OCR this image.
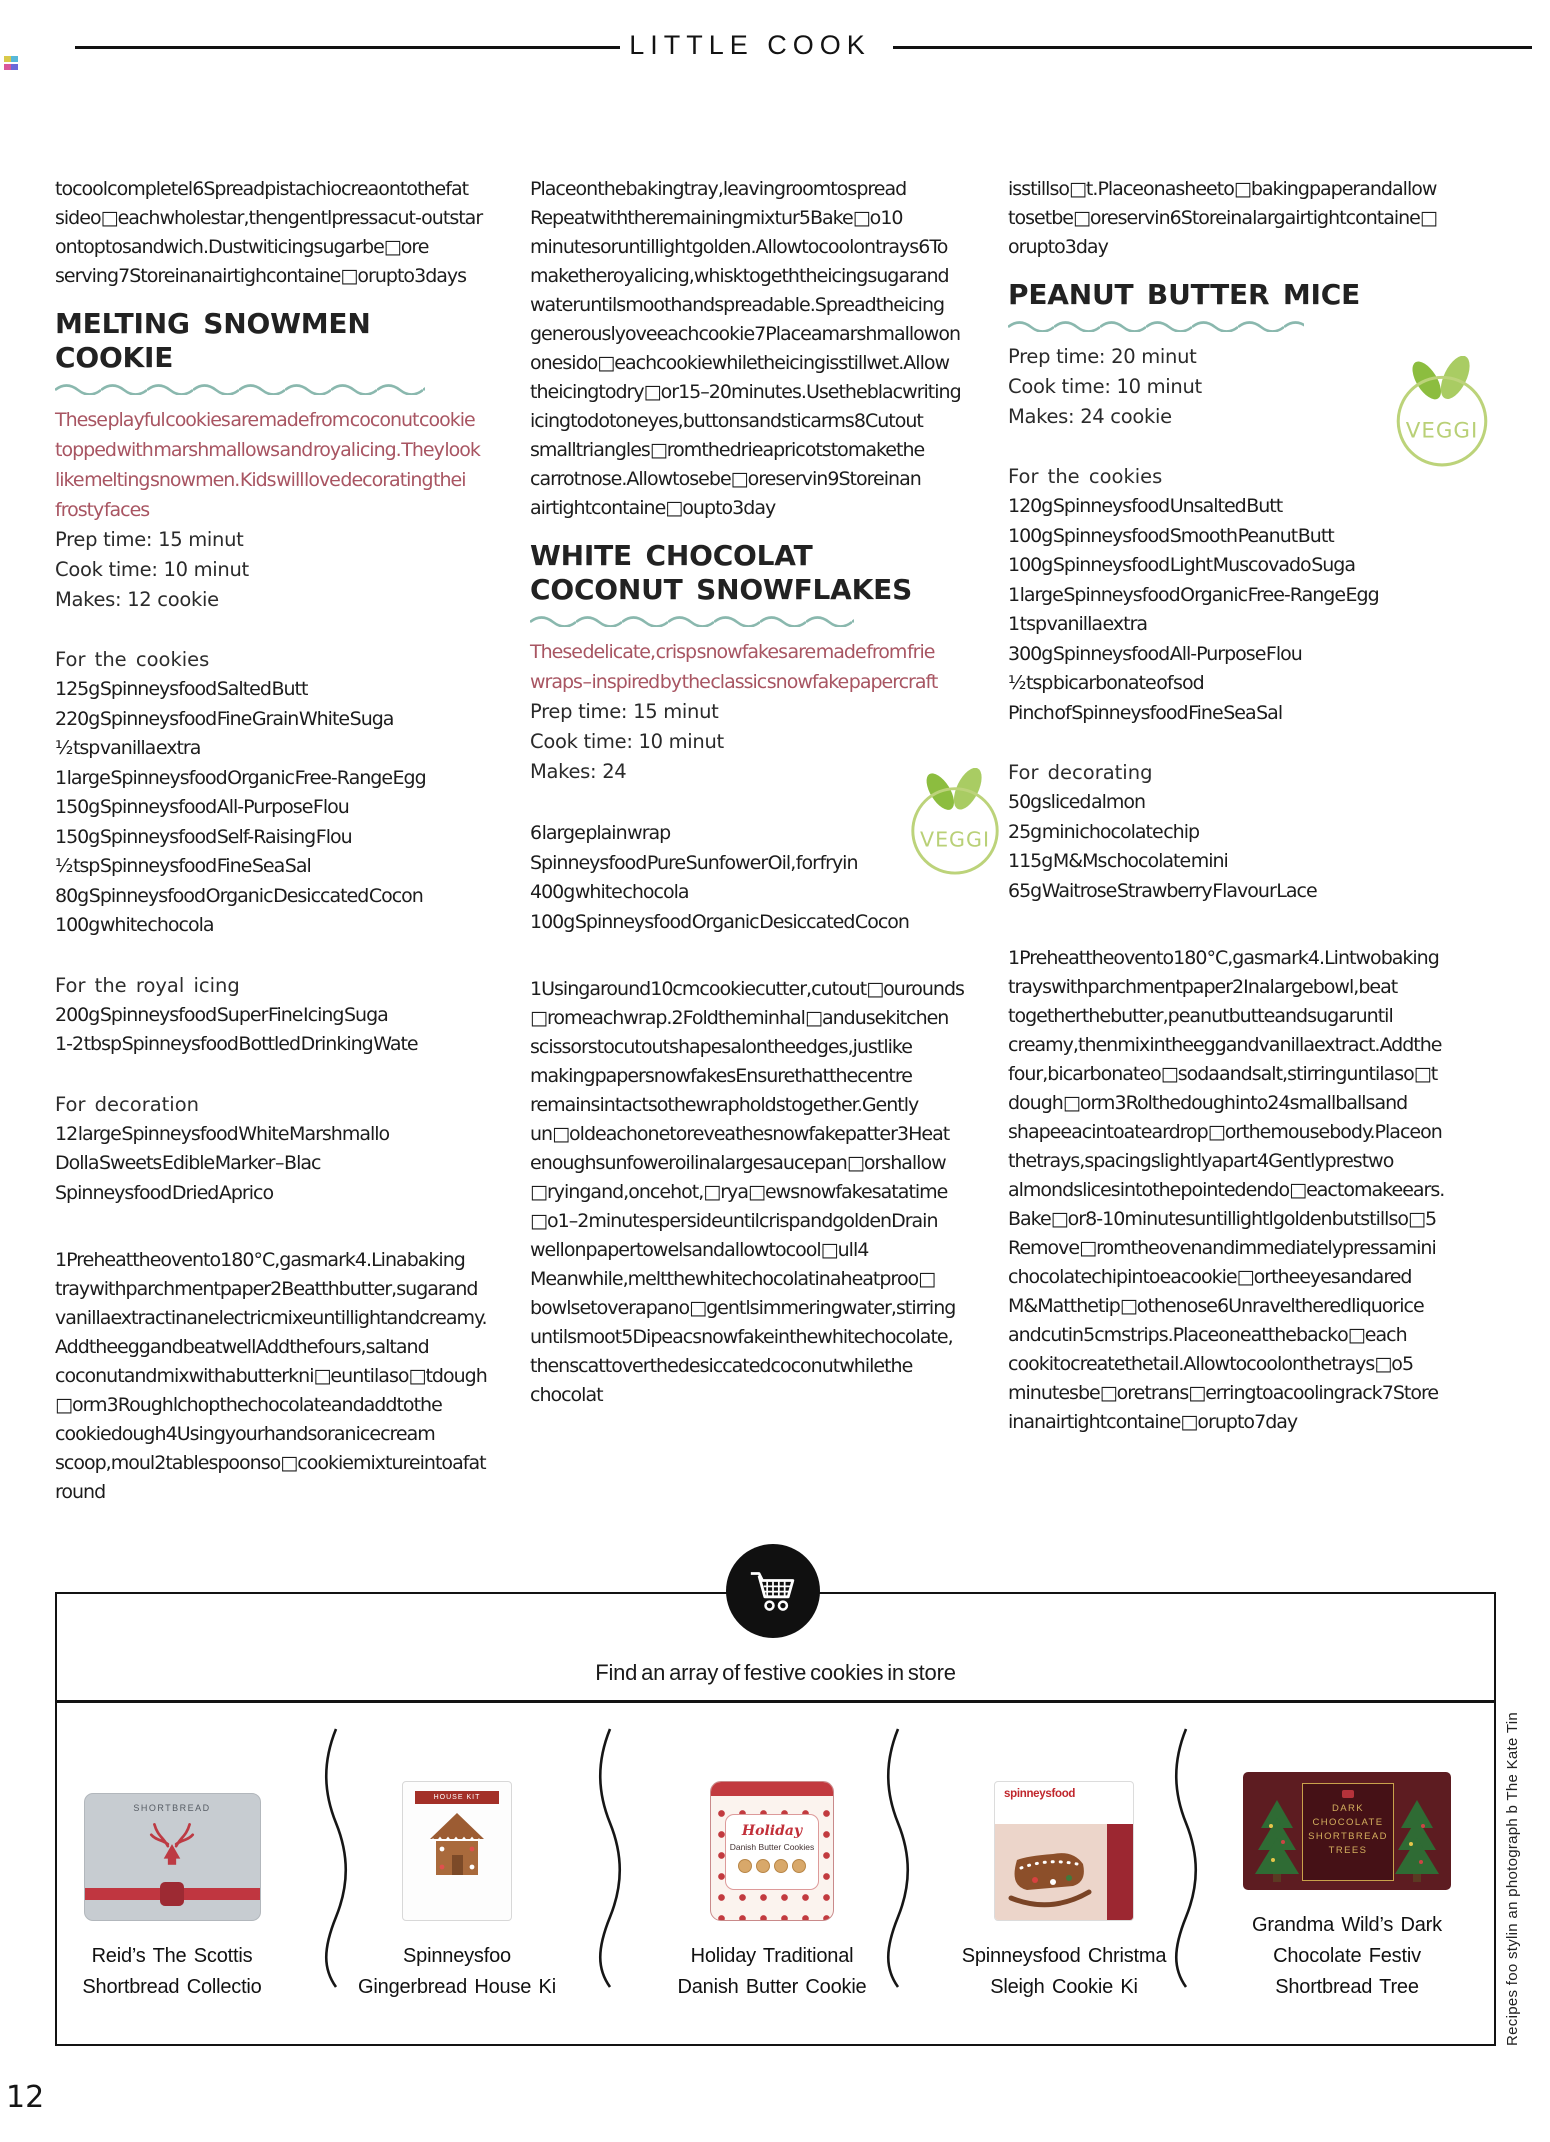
LITTLE COOK

to cool completel 6 Spread pistachio crea onto the f at side o□ each whole star, then gentl press a cut-out star on top to sandwich. Dust wit icing sugar be□ore serving 7 Store in an airtigh containe□ or up to 3 days

MELTING SNOWMEN COOKIE

These playful cookies are made from coconut cookie topped with marshmallows and royal icing. They look like melting snowmen. Kids will love decorating thei frosty faces

Prep time: 15 minut
Cook time: 10 minut
Makes: 12 cookie
For the cookies
125g Spinneysfood Salted Butt
220g Spinneysfood Fine Grain White Suga
½ tsp vanilla extra
1 large Spinneysfood Organic Free-Range Egg
150g Spinneysfood All-Purpose Flou
150g Spinneysfood Self-Raising Flou
½ tsp Spinneysfood Fine Sea Sal
80g Spinneysfood Organic Desiccated Cocon
100g white chocola
For the royal icing
200g Spinneysfood Super Fine Icing Suga
1-2 tbsp Spinneysfood Bottled Drinking Wate
For decoration
12 large Spinneysfood White Marshmallo
Dolla Sweets Edible Marker – Blac
Spinneysfood Dried Aprico

1 Preheat the oven to 180°C, gas mark 4. Lin a baking tray with parchment paper 2 Beat th butter, sugar and vanilla extract in an electric mixe until light and creamy. Add the egg and beat well Add the fours, salt and coconut and mix with a butter kni□e until a so□t dough □orm 3 Roughl chop the chocolate and add to the cookie dough 4 Using your hands or an ice cream scoop, moul 2 tablespoons o□ cookie mixture into a f at round

Place on the baking tray, leaving room to spread Repeat with the remaining mixtur 5 Bake □o 10 minutes or until light golden. Allow to cool on trays 6 To make the royal icing, whisk togeth the icing sugar and water until smooth and spreadable. Spread the icing generously ove each cookie 7 Place a marshmallow on one sid o□ each cookie while the icing is still wet. Allow the icing to dry □or 15–20 minutes. Use the blac writing icing to dot on eyes, buttons and stic arms 8 Cut out small triangles □rom the drie apricots to make the carrot nose. Allow to se be□ore servin 9 Store in an airtight containe □o up to 3 day

WHITE CHOCOLAT
COCONUT SNOWFLAKES

These delicate, crisp snowfakes are made from frie wraps – inspired by the classic snowfake papercraft

Prep time: 15 minut
Cook time: 10 minut
Makes: 24
6 large plain wrap
Spinneysfood Pure Sunfower Oil, for fryin
400g white chocola
100g Spinneysfood Organic Desiccated Cocon

1 Using a round 10cm cookie cutter, cut out □ou rounds □rom each wrap. 2 Fold them in hal□ and use kitchen scissors to cut out shapes alon the edges, just like making paper snowfakes Ensure that the centre remains intact so the wrap holds together. Gently un□old each one to revea the snowfake patter 3 Heat enough sunfower oil in a large saucepan □or shallow □rying and, once hot, □ry a □ew snowfakes at a time □o 1–2 minutes per side until crisp and golden Drain well on paper towels and allow to cool □ull 4 Meanwhile, melt the white chocolat in a heatproo□ bowl set over a pan o□ gentl simmering water, stirring until smoot 5 Dip eac snowfake in the white chocolate, then scatt over the desiccated coconut while the chocolat

is still so□t. Place on a sheet o□ baking paper and allow to set be□ore servin 6 Store in a larg airtight containe□ or up to 3 day

PEANUT BUTTER MICE
Prep time: 20 minut
Cook time: 10 minut
Makes: 24 cookie
For the cookies
120g Spinneysfood Unsalted Butt
100g Spinneysfood Smooth Peanut Butt
100g Spinneysfood Light Muscovado Suga
1 large Spinneysfood Organic Free-Range Egg
1 tsp vanilla extra
300g Spinneysfood All-Purpose Flou
½ tsp bicarbonate of sod
Pinch of Spinneysfood Fine Sea Sal
For decorating
50g sliced almon
25g mini chocolate chip
115g M&Ms chocolate mini
65g Waitrose Strawberry Flavour Lace

1 Preheat the oven to 180°C, gas mark 4. Lin two baking trays with parchment paper 2 In a large bowl, beat together the butter, peanut butte and sugar until creamy, then mix in the egg and vanilla extract. Add the f our, bicarbonate o□ soda and salt, stirring until a so□t dough □orm 3 Rol the dough into 24 small balls and shape eac into a teardrop □or the mouse body. Place on the trays, spacing slightly apart 4 Gently pres two almond slices into the pointed end o□ eac to make ears. Bake □or 8-10 minutes until lightl golden but still so□ 5 Remove □rom the oven and immediately press a mini chocolate chip into ea cookie □or the eyes and a red M&M at the tip □o the nose 6 Unravel the red liquorice and cut in 5cm strips. Place one at the back o□ each cooki to create the tail. Allow to cool on the trays □o 5 minutes be□ore trans□erring to a cooling rack 7 Store in an airtight containe□ or up to 7 day

VEGGI
VEGGI
Find an array of festive cookies in store
SHORTBREAD
Reid’s The Scottis
Shortbread Collectio
HOUSE KIT
Spinneysfoo
Gingerbread House Ki
Holiday
Danish Butter Cookies
Holiday Traditional
Danish Butter Cookie
spinneysfood
Spinneysfood Christma
Sleigh Cookie Ki
DARK
CHOCOLATE
SHORTBREAD
TREES
Grandma Wild’s Dark
Chocolate Festiv
Shortbread Tree	Recipes foo stylin an photograph b The Kate Tin
12
